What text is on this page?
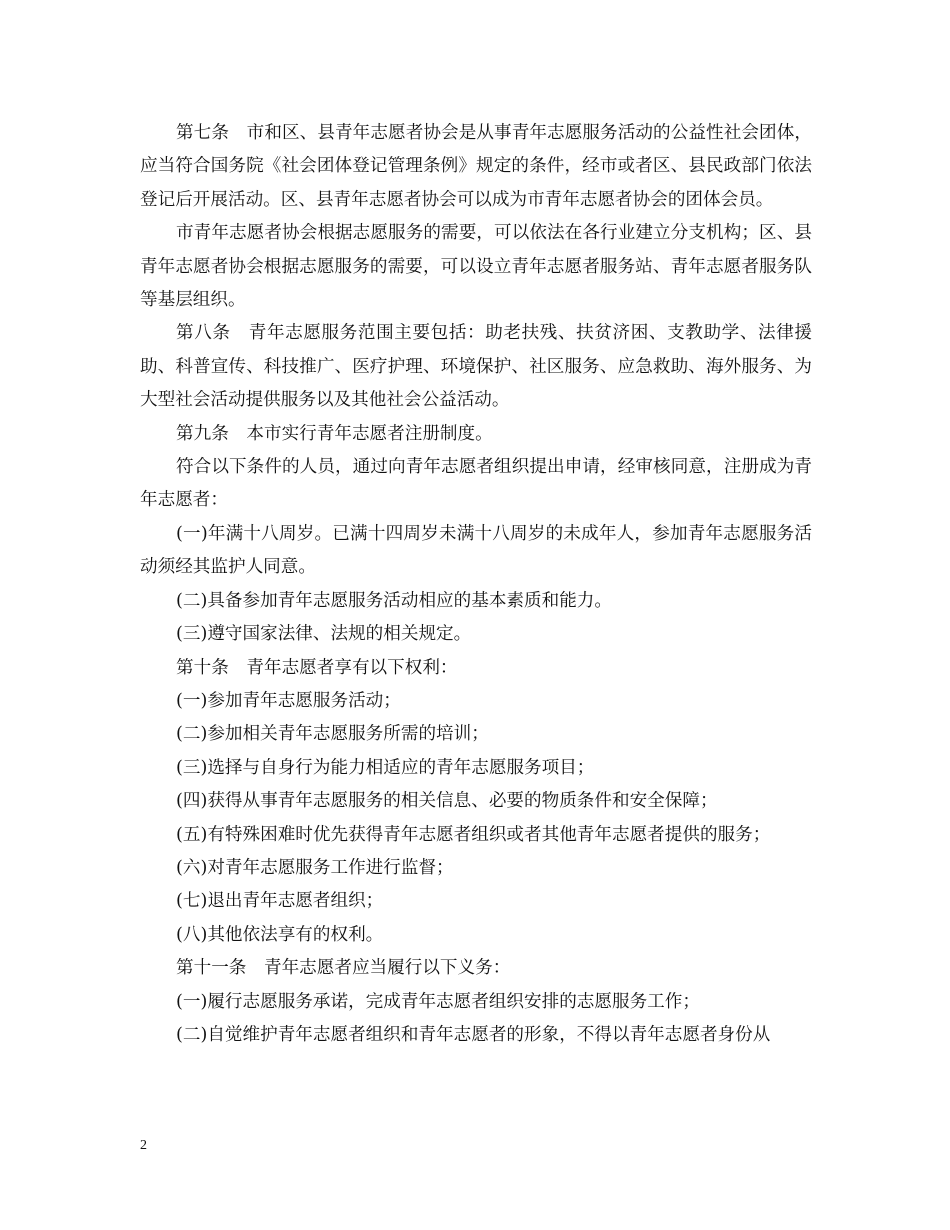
第七条　市和区、县青年志愿者协会是从事青年志愿服务活动的公益性社会团体，应当符合国务院《社会团体登记管理条例》规定的条件，经市或者区、县民政部门依法登记后开展活动。区、县青年志愿者协会可以成为市青年志愿者协会的团体会员。

市青年志愿者协会根据志愿服务的需要，可以依法在各行业建立分支机构；区、县青年志愿者协会根据志愿服务的需要，可以设立青年志愿者服务站、青年志愿者服务队等基层组织。

第八条　青年志愿服务范围主要包括：助老扶残、扶贫济困、支教助学、法律援助、科普宣传、科技推广、医疗护理、环境保护、社区服务、应急救助、海外服务、为大型社会活动提供服务以及其他社会公益活动。

第九条　本市实行青年志愿者注册制度。

符合以下条件的人员，通过向青年志愿者组织提出申请，经审核同意，注册成为青年志愿者：

(一)年满十八周岁。已满十四周岁未满十八周岁的未成年人，参加青年志愿服务活动须经其监护人同意。

(二)具备参加青年志愿服务活动相应的基本素质和能力。

(三)遵守国家法律、法规的相关规定。

第十条　青年志愿者享有以下权利：

(一)参加青年志愿服务活动；

(二)参加相关青年志愿服务所需的培训；

(三)选择与自身行为能力相适应的青年志愿服务项目；

(四)获得从事青年志愿服务的相关信息、必要的物质条件和安全保障；

(五)有特殊困难时优先获得青年志愿者组织或者其他青年志愿者提供的服务；

(六)对青年志愿服务工作进行监督；

(七)退出青年志愿者组织；

(八)其他依法享有的权利。

第十一条　青年志愿者应当履行以下义务：

(一)履行志愿服务承诺，完成青年志愿者组织安排的志愿服务工作；

(二)自觉维护青年志愿者组织和青年志愿者的形象，不得以青年志愿者身份从

2
